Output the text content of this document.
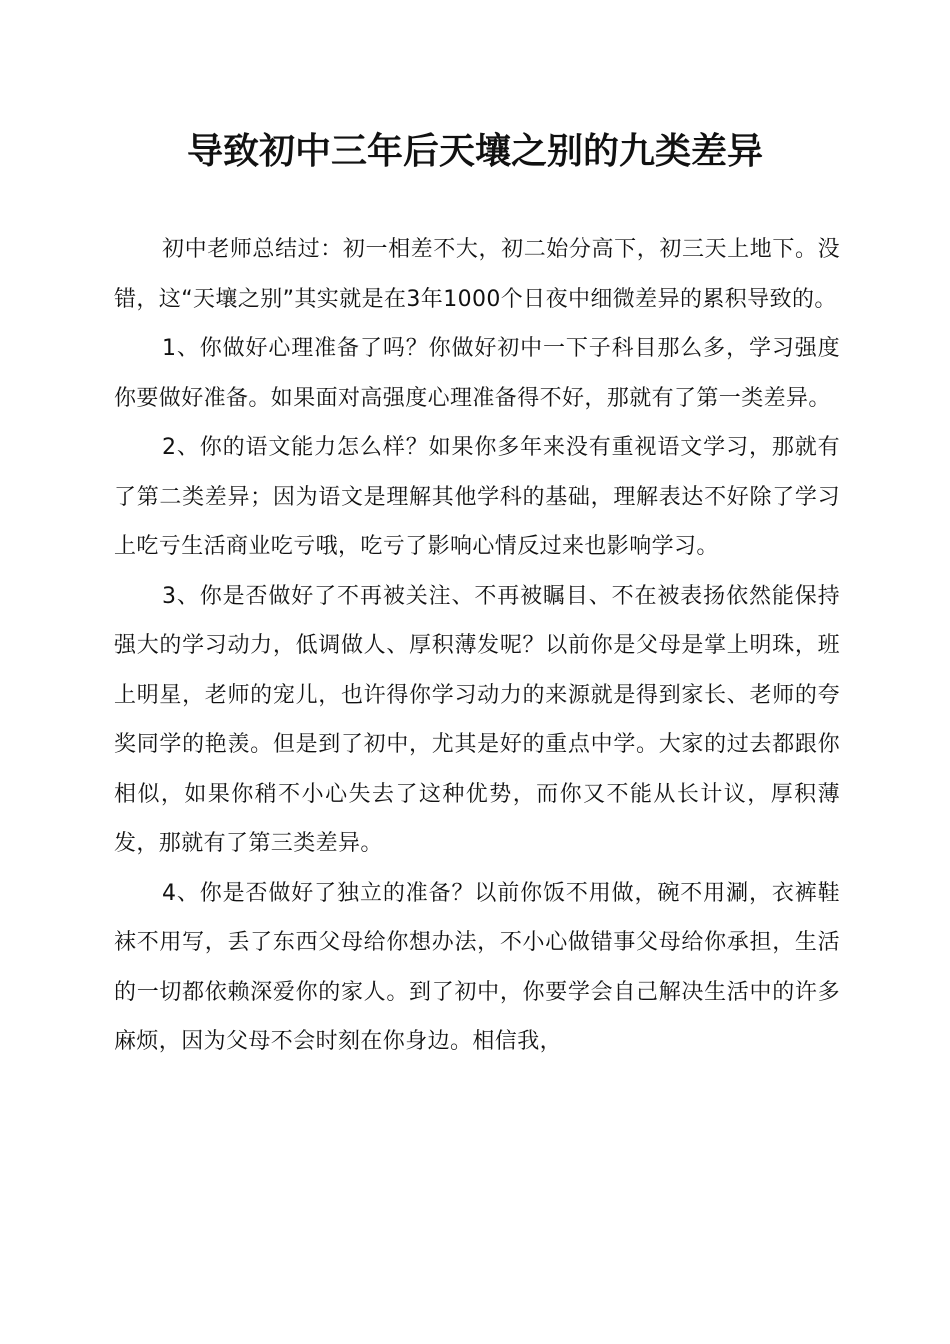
导致初中三年后天壤之别的九类差异

初中老师总结过：初一相差不大，初二始分高下，初三天上地下。没错，这“天壤之别”其实就是在3年1000个日夜中细微差异的累积导致的。

1、你做好心理准备了吗？你做好初中一下子科目那么多，学习强度你要做好准备。如果面对高强度心理准备得不好，那就有了第一类差异。

2、你的语文能力怎么样？如果你多年来没有重视语文学习，那就有了第二类差异；因为语文是理解其他学科的基础，理解表达不好除了学习上吃亏生活商业吃亏哦，吃亏了影响心情反过来也影响学习。

3、你是否做好了不再被关注、不再被瞩目、不在被表扬依然能保持强大的学习动力，低调做人、厚积薄发呢？以前你是父母是掌上明珠，班上明星，老师的宠儿，也许得你学习动力的来源就是得到家长、老师的夸奖同学的艳羡。但是到了初中，尤其是好的重点中学。大家的过去都跟你相似，如果你稍不小心失去了这种优势，而你又不能从长计议，厚积薄发，那就有了第三类差异。

4、你是否做好了独立的准备？以前你饭不用做，碗不用涮，衣裤鞋袜不用写，丢了东西父母给你想办法，不小心做错事父母给你承担，生活的一切都依赖深爱你的家人。到了初中，你要学会自己解决生活中的许多麻烦，因为父母不会时刻在你身边。相信我，
